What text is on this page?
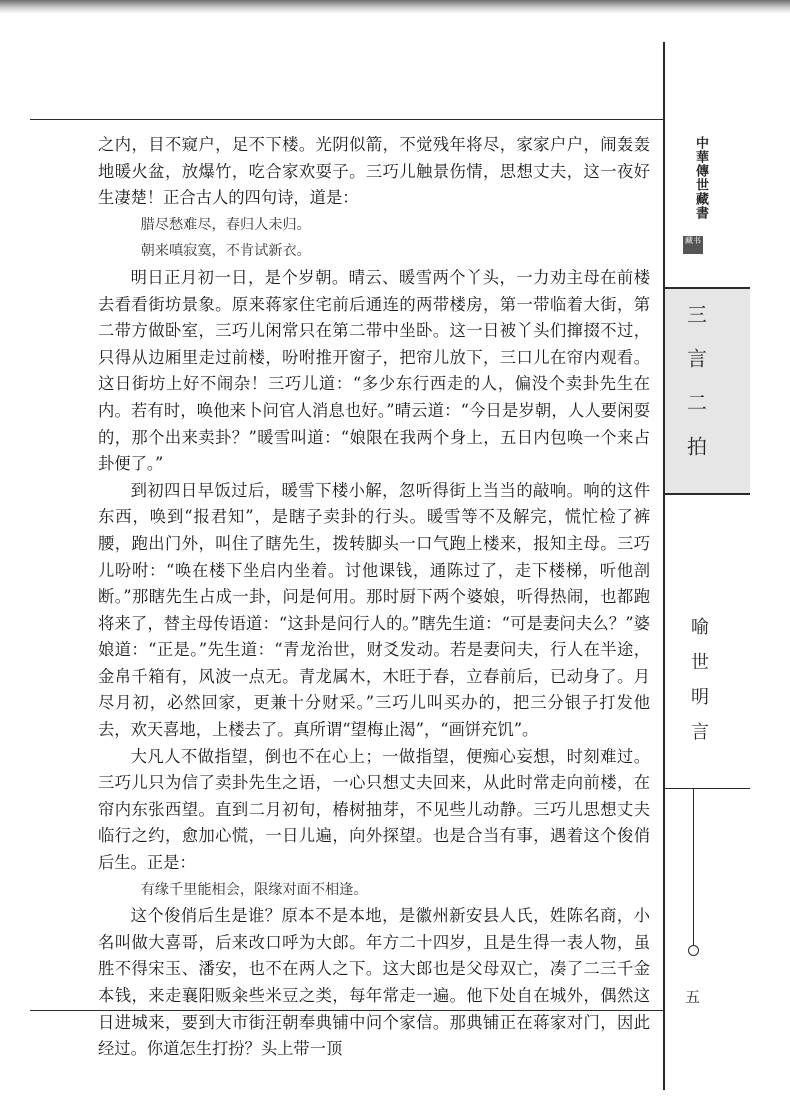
之内，目不窥户，足不下楼。光阴似箭，不觉残年将尽，家家户户，闹轰轰地暖火盆，放爆竹，吃合家欢耍子。三巧儿触景伤情，思想丈夫，这一夜好生凄楚！正合古人的四句诗，道是：

腊尽愁难尽，春归人未归。

朝来嗔寂寞，不肯试新衣。

明日正月初一日，是个岁朝。晴云、暖雪两个丫头，一力劝主母在前楼去看看街坊景象。原来蒋家住宅前后通连的两带楼房，第一带临着大街，第二带方做卧室，三巧儿闲常只在第二带中坐卧。这一日被丫头们撺掇不过，只得从边厢里走过前楼，吩咐推开窗子，把帘儿放下，三口儿在帘内观看。这日街坊上好不闹杂！三巧儿道：“多少东行西走的人，偏没个卖卦先生在内。若有时，唤他来卜问官人消息也好。”晴云道：“今日是岁朝，人人要闲耍的，那个出来卖卦？”暖雪叫道：“娘限在我两个身上，五日内包唤一个来占卦便了。”

到初四日早饭过后，暖雪下楼小解，忽听得街上当当的敲响。响的这件东西，唤到“报君知”，是瞎子卖卦的行头。暖雪等不及解完，慌忙检了裤腰，跑出门外，叫住了瞎先生，拨转脚头一口气跑上楼来，报知主母。三巧儿吩咐：“唤在楼下坐启内坐着。讨他课钱，通陈过了，走下楼梯，听他剖断。”那瞎先生占成一卦，问是何用。那时厨下两个婆娘，听得热闹，也都跑将来了，替主母传语道：“这卦是问行人的。”瞎先生道：“可是妻问夫么？”婆娘道：“正是。”先生道：“青龙治世，财爻发动。若是妻问夫，行人在半途，金帛千箱有，风波一点无。青龙属木，木旺于春，立春前后，已动身了。月尽月初，必然回家，更兼十分财采。”三巧儿叫买办的，把三分银子打发他去，欢天喜地，上楼去了。真所谓“望梅止渴”，“画饼充饥”。

大凡人不做指望，倒也不在心上；一做指望，便痴心妄想，时刻难过。三巧儿只为信了卖卦先生之语，一心只想丈夫回来，从此时常走向前楼，在帘内东张西望。直到二月初旬，椿树抽芽，不见些儿动静。三巧儿思想丈夫临行之约，愈加心慌，一日儿遍，向外探望。也是合当有事，遇着这个俊俏后生。正是：

有缘千里能相会，限缘对面不相逢。

这个俊俏后生是谁？原本不是本地，是徽州新安县人氏，姓陈名商，小名叫做大喜哥，后来改口呼为大郎。年方二十四岁，且是生得一表人物，虽胜不得宋玉、潘安，也不在两人之下。这大郎也是父母双亡，凑了二三千金本钱，来走襄阳贩籴些米豆之类，每年常走一遍。他下处自在城外，偶然这日进城来，要到大市街汪朝奉典铺中问个家信。那典铺正在蒋家对门，因此经过。你道怎生打扮？头上带一顶

中華傳世藏書
藏书
三言二拍
喻世明言
五
